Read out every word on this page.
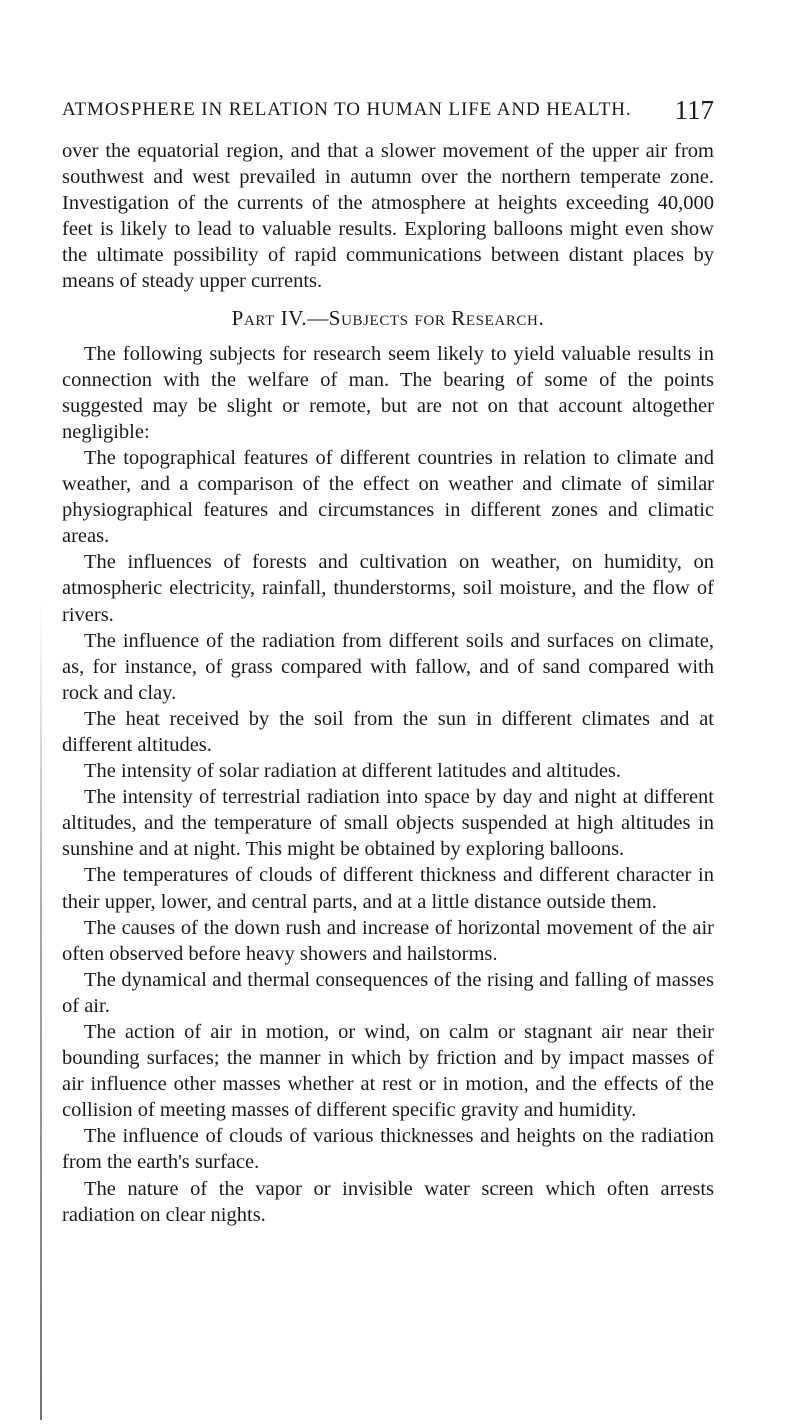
ATMOSPHERE IN RELATION TO HUMAN LIFE AND HEALTH. 117

over the equatorial region, and that a slower movement of the upper air from southwest and west prevailed in autumn over the northern temperate zone. Investigation of the currents of the atmosphere at heights exceeding 40,000 feet is likely to lead to valuable results. Exploring balloons might even show the ultimate possibility of rapid communications between distant places by means of steady upper currents.

Part IV.—Subjects for Research.

The following subjects for research seem likely to yield valuable results in connection with the welfare of man. The bearing of some of the points suggested may be slight or remote, but are not on that account altogether negligible:

The topographical features of different countries in relation to climate and weather, and a comparison of the effect on weather and climate of similar physiographical features and circumstances in different zones and climatic areas.

The influences of forests and cultivation on weather, on humidity, on atmospheric electricity, rainfall, thunderstorms, soil moisture, and the flow of rivers.

The influence of the radiation from different soils and surfaces on climate, as, for instance, of grass compared with fallow, and of sand compared with rock and clay.

The heat received by the soil from the sun in different climates and at different altitudes.

The intensity of solar radiation at different latitudes and altitudes.

The intensity of terrestrial radiation into space by day and night at different altitudes, and the temperature of small objects suspended at high altitudes in sunshine and at night. This might be obtained by exploring balloons.

The temperatures of clouds of different thickness and different character in their upper, lower, and central parts, and at a little distance outside them.

The causes of the down rush and increase of horizontal movement of the air often observed before heavy showers and hailstorms.

The dynamical and thermal consequences of the rising and falling of masses of air.

The action of air in motion, or wind, on calm or stagnant air near their bounding surfaces; the manner in which by friction and by impact masses of air influence other masses whether at rest or in motion, and the effects of the collision of meeting masses of different specific gravity and humidity.

The influence of clouds of various thicknesses and heights on the radiation from the earth's surface.

The nature of the vapor or invisible water screen which often arrests radiation on clear nights.
